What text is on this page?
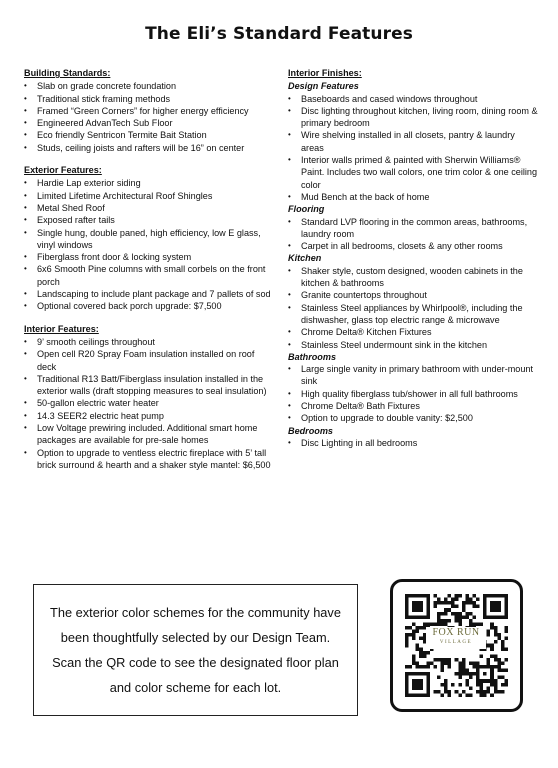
The Eli’s Standard Features
Building Standards:
• Slab on grade concrete foundation
• Traditional stick framing methods
• Framed “Green Corners” for higher energy efficiency
• Engineered AdvanTech Sub Floor
• Eco friendly Sentricon Termite Bait Station
• Studs, ceiling joists and rafters will be 16” on center
Exterior Features:
• Hardie Lap exterior siding
• Limited Lifetime Architectural Roof Shingles
• Metal Shed Roof
• Exposed rafter tails
• Single hung, double paned, high efficiency, low E glass, vinyl windows
• Fiberglass front door & locking system
• 6x6 Smooth Pine columns with small corbels on the front porch
• Landscaping to include plant package and 7 pallets of sod
• Optional covered back porch upgrade: $7,500
Interior Features:
• 9’ smooth ceilings throughout
• Open cell R20 Spray Foam insulation installed on roof deck
• Traditional R13 Batt/Fiberglass insulation installed in the exterior walls (draft stopping measures to seal insulation)
• 50-gallon electric water heater
• 14.3 SEER2 electric heat pump
• Low Voltage prewiring included. Additional smart home packages are available for pre-sale homes
• Option to upgrade to ventless electric fireplace with 5’ tall brick surround & hearth and a shaker style mantel: $6,500
Interior Finishes:
Design Features
• Baseboards and cased windows throughout
• Disc lighting throughout kitchen, living room, dining room & primary bedroom
• Wire shelving installed in all closets, pantry & laundry areas
• Interior walls primed & painted with Sherwin Williams® Paint. Includes two wall colors, one trim color & one ceiling color
• Mud Bench at the back of home
Flooring
• Standard LVP flooring in the common areas, bathrooms, laundry room
• Carpet in all bedrooms, closets & any other rooms
Kitchen
• Shaker style, custom designed, wooden cabinets in the kitchen & bathrooms
• Granite countertops throughout
• Stainless Steel appliances by Whirlpool®, including the dishwasher, glass top electric range & microwave
• Chrome Delta® Kitchen Fixtures
• Stainless Steel undermount sink in the kitchen
Bathrooms
• Large single vanity in primary bathroom with under-mount sink
• High quality fiberglass tub/shower in all full bathrooms
• Chrome Delta® Bath Fixtures
• Option to upgrade to double vanity: $2,500
Bedrooms
• Disc Lighting in all bedrooms
The exterior color schemes for the community have been thoughtfully selected by our Design Team. Scan the QR code to see the designated floor plan and color scheme for each lot.
FOX RUN
VILLAGE
